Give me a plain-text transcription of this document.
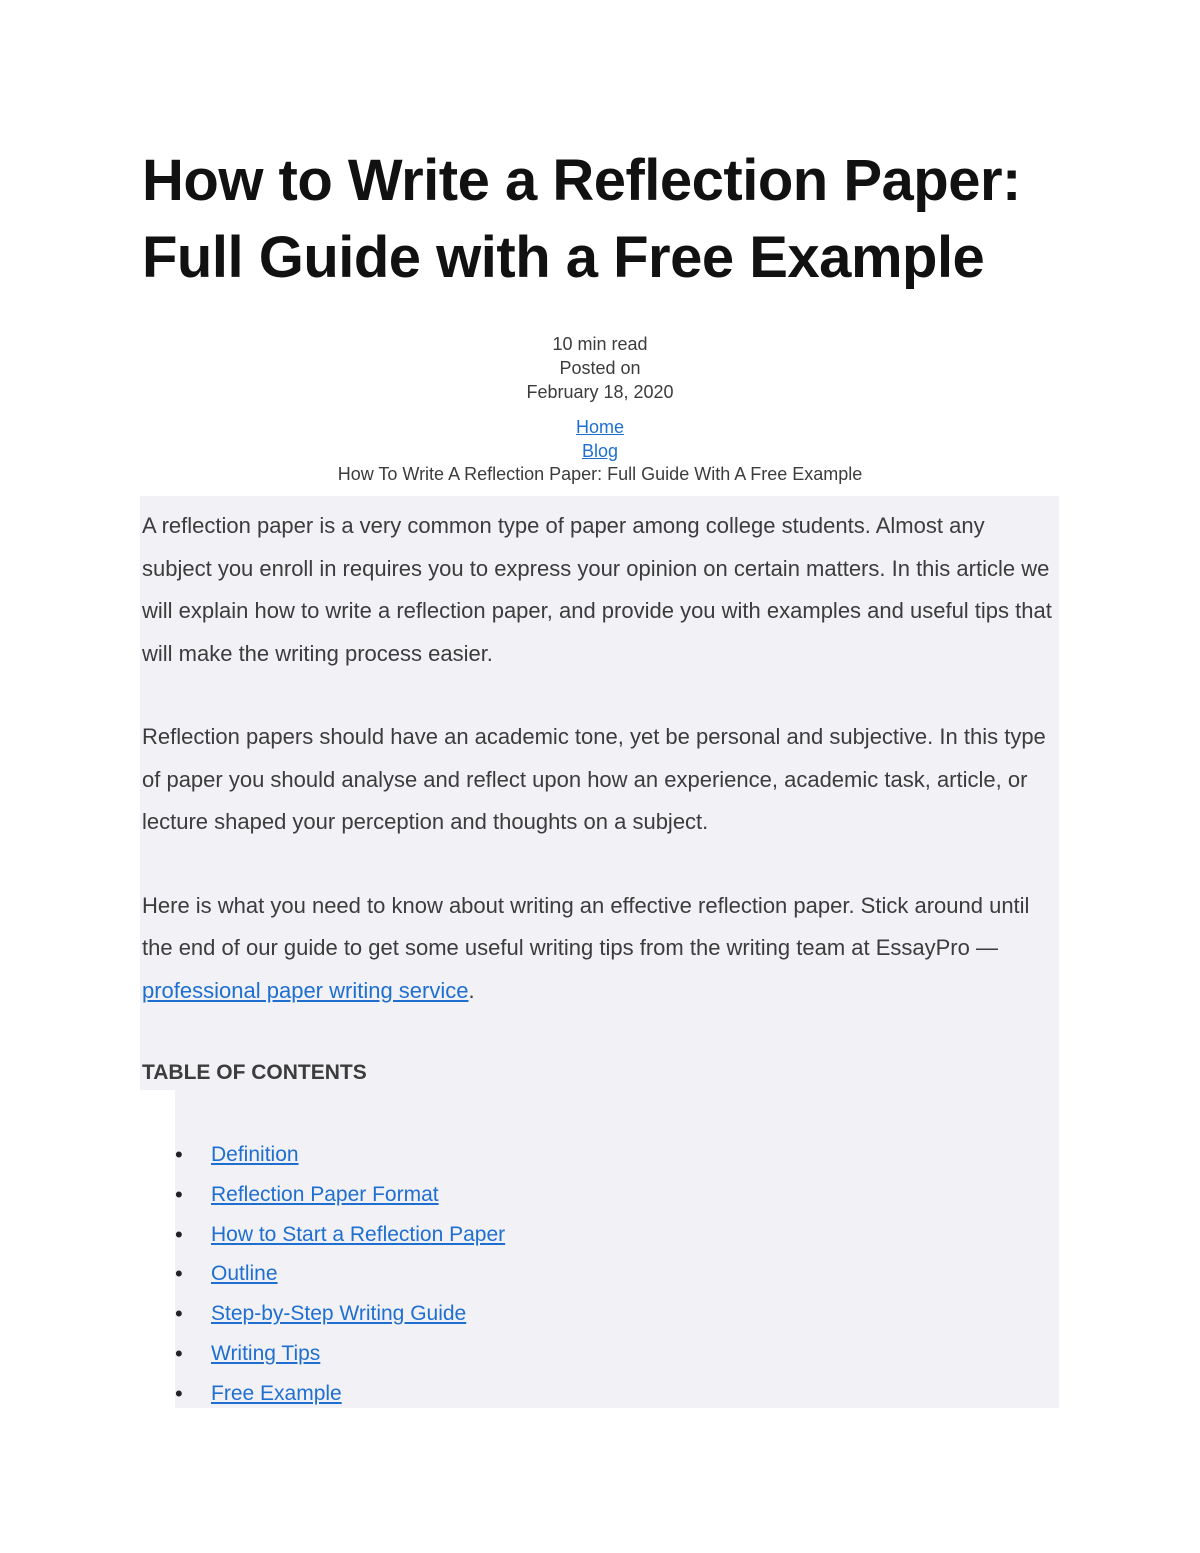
How to Write a Reflection Paper:
Full Guide with a Free Example
10 min read
Posted on
February 18, 2020
Home
Blog
How To Write A Reflection Paper: Full Guide With A Free Example

A reflection paper is a very common type of paper among college students. Almost any subject you enroll in requires you to express your opinion on certain matters. In this article we will explain how to write a reflection paper, and provide you with examples and useful tips that will make the writing process easier.

Reflection papers should have an academic tone, yet be personal and subjective. In this type of paper you should analyse and reflect upon how an experience, academic task, article, or lecture shaped your perception and thoughts on a subject.

Here is what you need to know about writing an effective reflection paper. Stick around until the end of our guide to get some useful writing tips from the writing team at EssayPro — professional paper writing service.

TABLE OF CONTENTS
• Definition
• Reflection Paper Format
• How to Start a Reflection Paper
• Outline
• Step-by-Step Writing Guide
• Writing Tips
• Free Example
